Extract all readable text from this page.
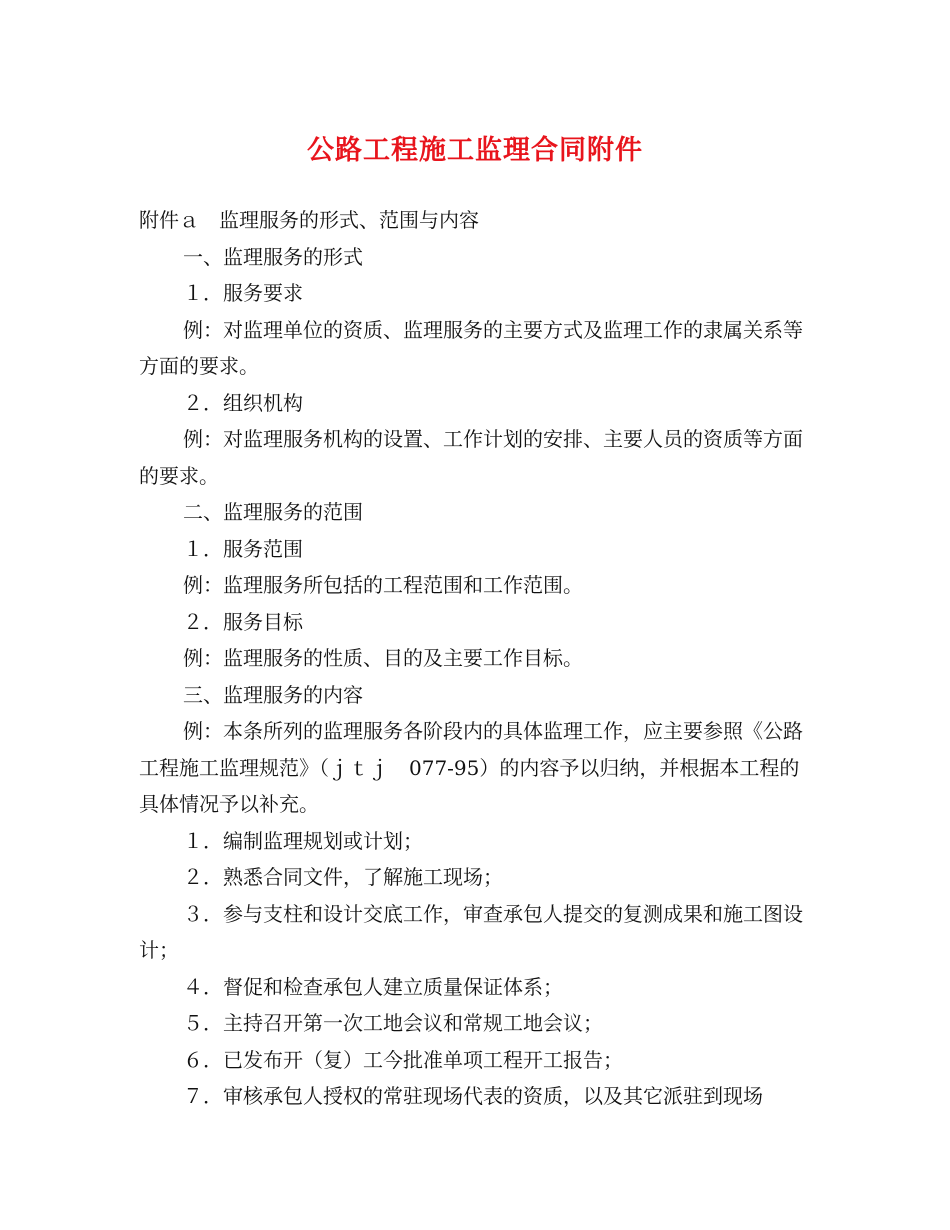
公路工程施工监理合同附件

附件ａ　监理服务的形式、范围与内容

一、监理服务的形式

１．服务要求

例：对监理单位的资质、监理服务的主要方式及监理工作的隶属关系等方面的要求。

２．组织机构

例：对监理服务机构的设置、工作计划的安排、主要人员的资质等方面的要求。

二、监理服务的范围

１．服务范围

例：监理服务所包括的工程范围和工作范围。

２．服务目标

例：监理服务的性质、目的及主要工作目标。

三、监理服务的内容

例：本条所列的监理服务各阶段内的具体监理工作，应主要参照《公路工程施工监理规范》（ｊｔｊ　077-95）的内容予以归纳，并根据本工程的具体情况予以补充。

１．编制监理规划或计划；

２．熟悉合同文件，了解施工现场；

３．参与支柱和设计交底工作，审查承包人提交的复测成果和施工图设计；

４．督促和检查承包人建立质量保证体系；

５．主持召开第一次工地会议和常规工地会议；

６．已发布开（复）工今批准单项工程开工报告；

７．审核承包人授权的常驻现场代表的资质，以及其它派驻到现场
